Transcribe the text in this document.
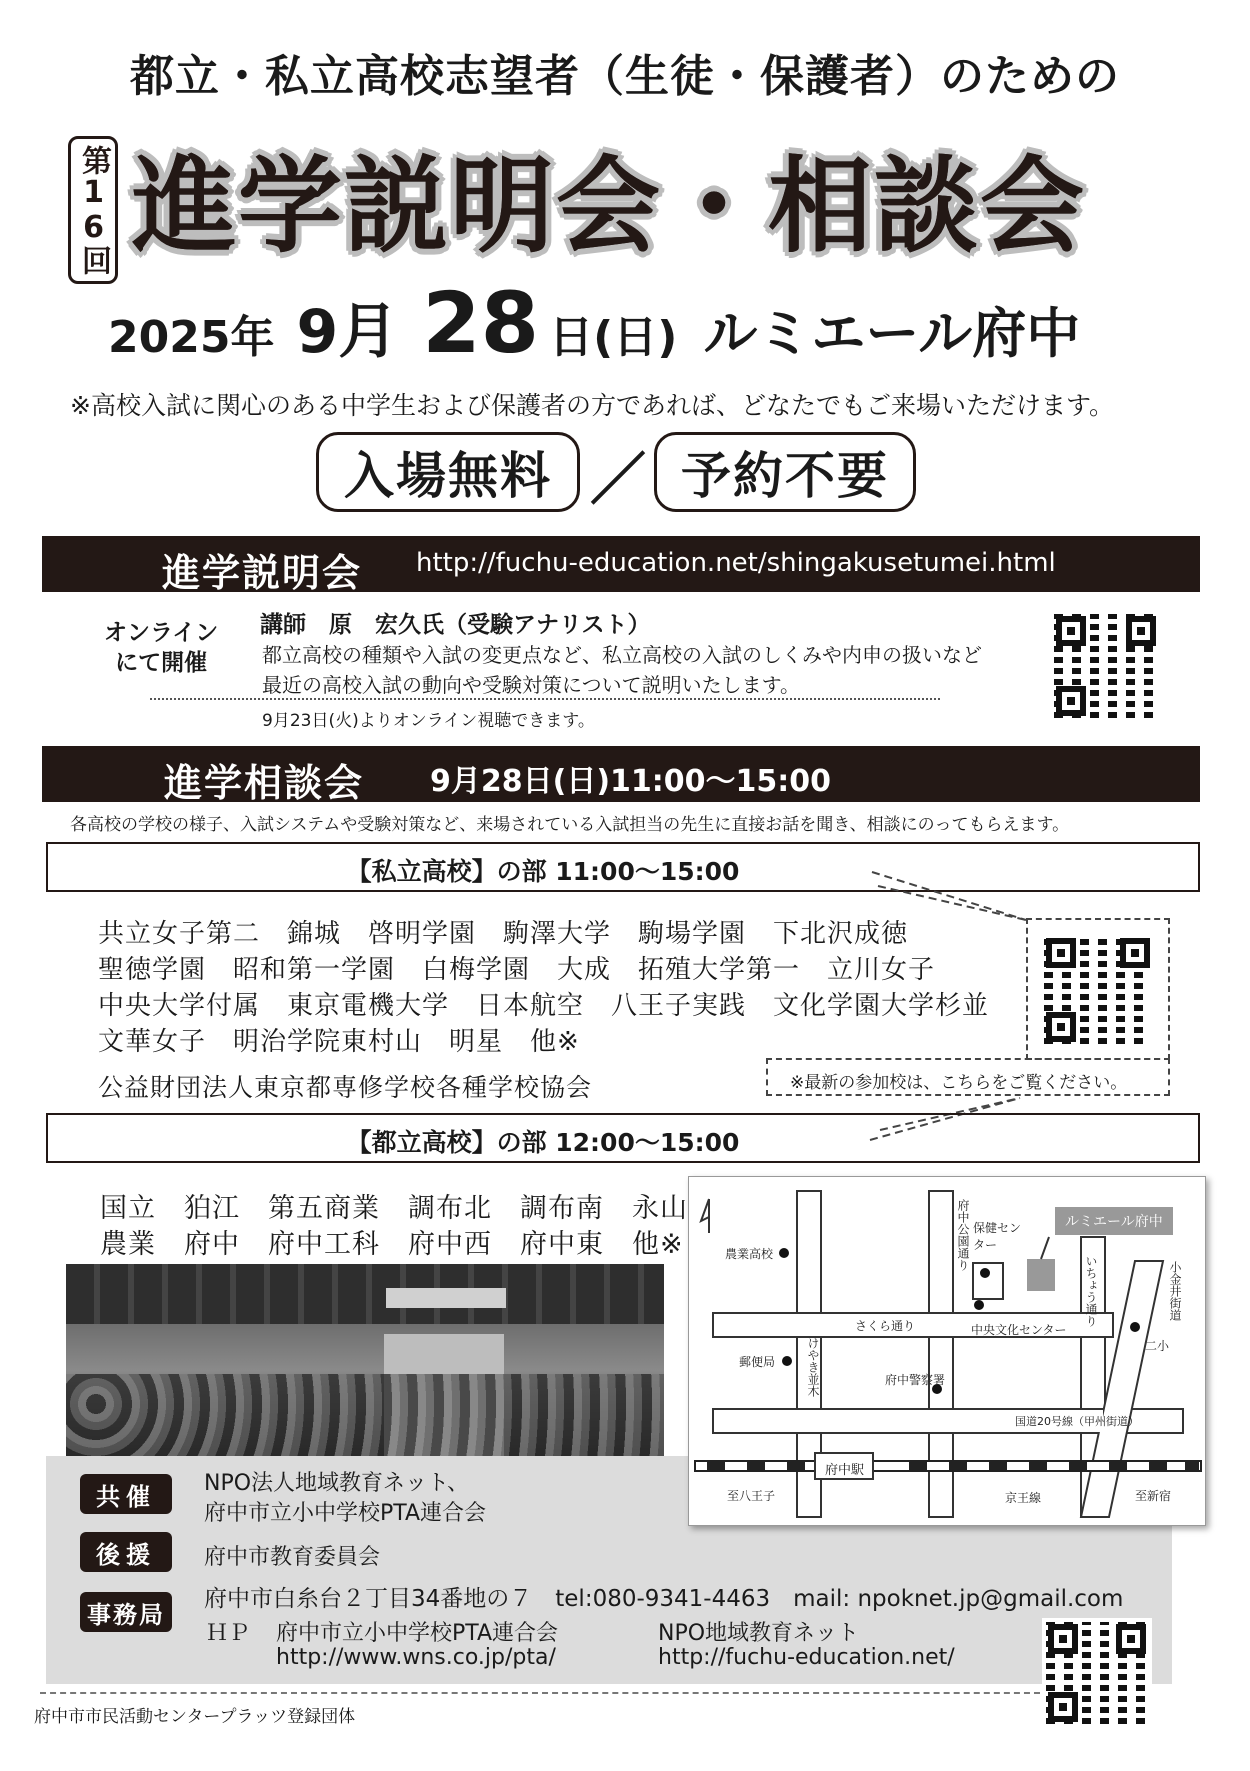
都立・私立高校志望者（生徒・保護者）のための
第16回 進学説明会・相談会
2025年 9月 28 日(日) ルミエール府中
※高校入試に関心のある中学生および保護者の方であれば、どなたでもご来場いただけます。
入場無料 ／ 予約不要
進学説明会 http://fuchu-education.net/shingakusetumei.html
オンライン
にて開催
講師　原　宏久氏（受験アナリスト）
都立高校の種類や入試の変更点など、私立高校の入試のしくみや内申の扱いなど
最近の高校入試の動向や受験対策について説明いたします。
9月23日(火)よりオンライン視聴できます。
進学相談会 9月28日(日)11:00〜15:00
各高校の学校の様子、入試システムや受験対策など、来場されている入試担当の先生に直接お話を聞き、相談にのってもらえます。
【私立高校】の部 11:00〜15:00
共立女子第二　錦城　啓明学園　駒澤大学　駒場学園　下北沢成徳
聖徳学園　昭和第一学園　白梅学園　大成　拓殖大学第一　立川女子
中央大学付属　東京電機大学　日本航空　八王子実践　文化学園大学杉並
文華女子　明治学院東村山　明星　他※
公益財団法人東京都専修学校各種学校協会	※最新の参加校は、こちらをご覧ください。
【都立高校】の部 12:00〜15:00
国立　狛江　第五商業　調布北　調布南　永山
農業　府中　府中工科　府中西　府中東　他※
ルミエール府中
農業高校	府中公園通り 保健センター
いちょう通り	小金井街道
さくら通り	中央文化センター
二小
郵便局	けやき並木	府中警察署
国道20号線（甲州街道）
府中駅
至八王子	京王線	至新宿
共催	NPO法人地域教育ネット、
府中市立小中学校PTA連合会
後援	府中市教育委員会
事務局
府中市白糸台２丁目34番地の７　tel:080-9341-4463　mail: npoknet.jp@gmail.com
ＨＰ 府中市立小中学校PTA連合会
http://www.wns.co.jp/pta/
NPO地域教育ネット
http://fuchu-education.net/
府中市市民活動センタープラッツ登録団体
